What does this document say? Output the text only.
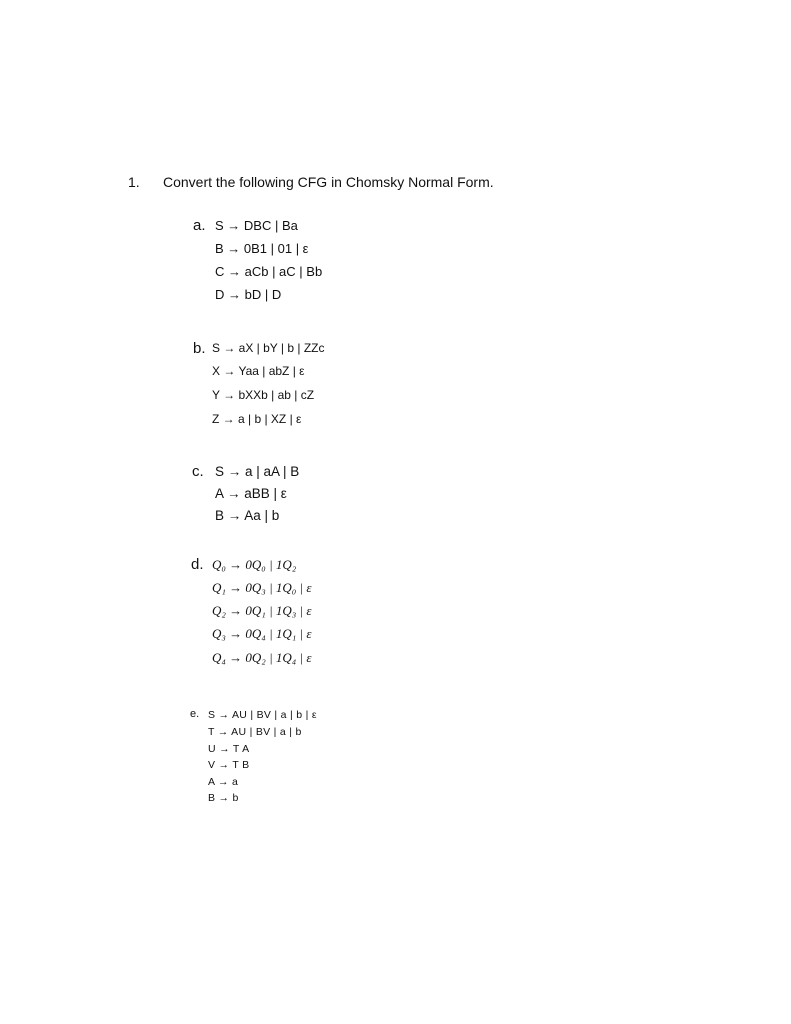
1. Convert the following CFG in Chomsky Normal Form.
a. S → DBC | Ba
B → 0B1 | 01 | ε
C → aCb | aC | Bb
D → bD | D
b. S → aX | bY | b | ZZc
X → Yaa | abZ | ε
Y → bXXb | ab | cZ
Z → a | b | XZ | ε
c. S → a | aA | B
A → aBB | ε
B → Aa | b
d. Q₀ → 0Q₀ | 1Q₂
Q₁ → 0Q₃ | 1Q₀ | ε
Q₂ → 0Q₁ | 1Q₃ | ε
Q₃ → 0Q₄ | 1Q₁ | ε
Q₄ → 0Q₂ | 1Q₄ | ε
e. S → AU | BV | a | b | ε
T → AU | BV | a | b
U → T A
V → T B
A → a
B → b
